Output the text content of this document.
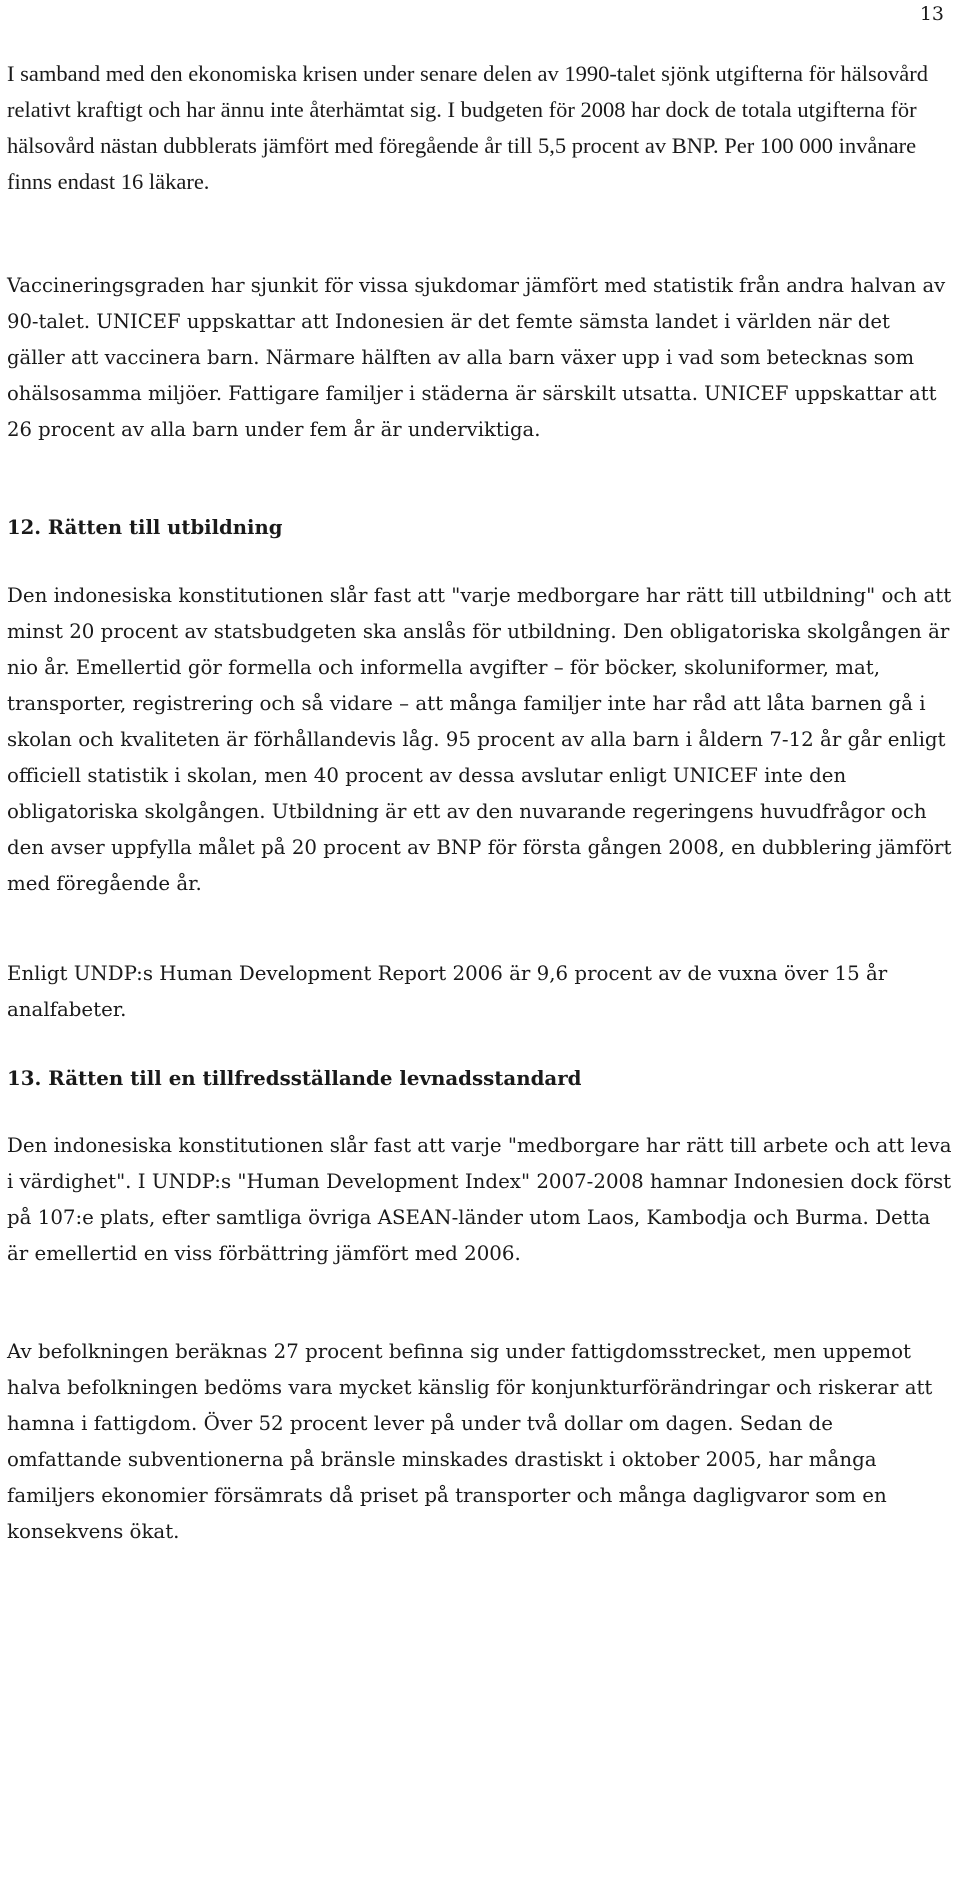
13

I samband med den ekonomiska krisen under senare delen av 1990-talet sjönk utgifterna för hälsovård relativt kraftigt och har ännu inte återhämtat sig. I budgeten för 2008 har dock de totala utgifterna för hälsovård nästan dubblerats jämfört med föregående år till 5,5 procent av BNP. Per 100 000 invånare finns endast 16 läkare.

Vaccineringsgraden har sjunkit för vissa sjukdomar jämfört med statistik från andra halvan av 90-talet. UNICEF uppskattar att Indonesien är det femte sämsta landet i världen när det gäller att vaccinera barn. Närmare hälften av alla barn växer upp i vad som betecknas som ohälsosamma miljöer. Fattigare familjer i städerna är särskilt utsatta. UNICEF uppskattar att 26 procent av alla barn under fem år är underviktiga.

12. Rätten till utbildning

Den indonesiska konstitutionen slår fast att "varje medborgare har rätt till utbildning" och att minst 20 procent av statsbudgeten ska anslås för utbildning. Den obligatoriska skolgången är nio år. Emellertid gör formella och informella avgifter – för böcker, skoluniformer, mat, transporter, registrering och så vidare – att många familjer inte har råd att låta barnen gå i skolan och kvaliteten är förhållandevis låg. 95 procent av alla barn i åldern 7-12 år går enligt officiell statistik i skolan, men 40 procent av dessa avslutar enligt UNICEF inte den obligatoriska skolgången. Utbildning är ett av den nuvarande regeringens huvudfrågor och den avser uppfylla målet på 20 procent av BNP för första gången 2008, en dubblering jämfört med föregående år.

Enligt UNDP:s Human Development Report 2006 är 9,6 procent av de vuxna över 15 år analfabeter.

13. Rätten till en tillfredsställande levnadsstandard

Den indonesiska konstitutionen slår fast att varje "medborgare har rätt till arbete och att leva i värdighet". I UNDP:s "Human Development Index" 2007-2008 hamnar Indonesien dock först på 107:e plats, efter samtliga övriga ASEAN-länder utom Laos, Kambodja och Burma. Detta är emellertid en viss förbättring jämfört med 2006.

Av befolkningen beräknas 27 procent befinna sig under fattigdomsstrecket, men uppemot halva befolkningen bedöms vara mycket känslig för konjunkturförändringar och riskerar att hamna i fattigdom. Över 52 procent lever på under två dollar om dagen. Sedan de omfattande subventionerna på bränsle minskades drastiskt i oktober 2005, har många familjers ekonomier försämrats då priset på transporter och många dagligvaror som en konsekvens ökat.
